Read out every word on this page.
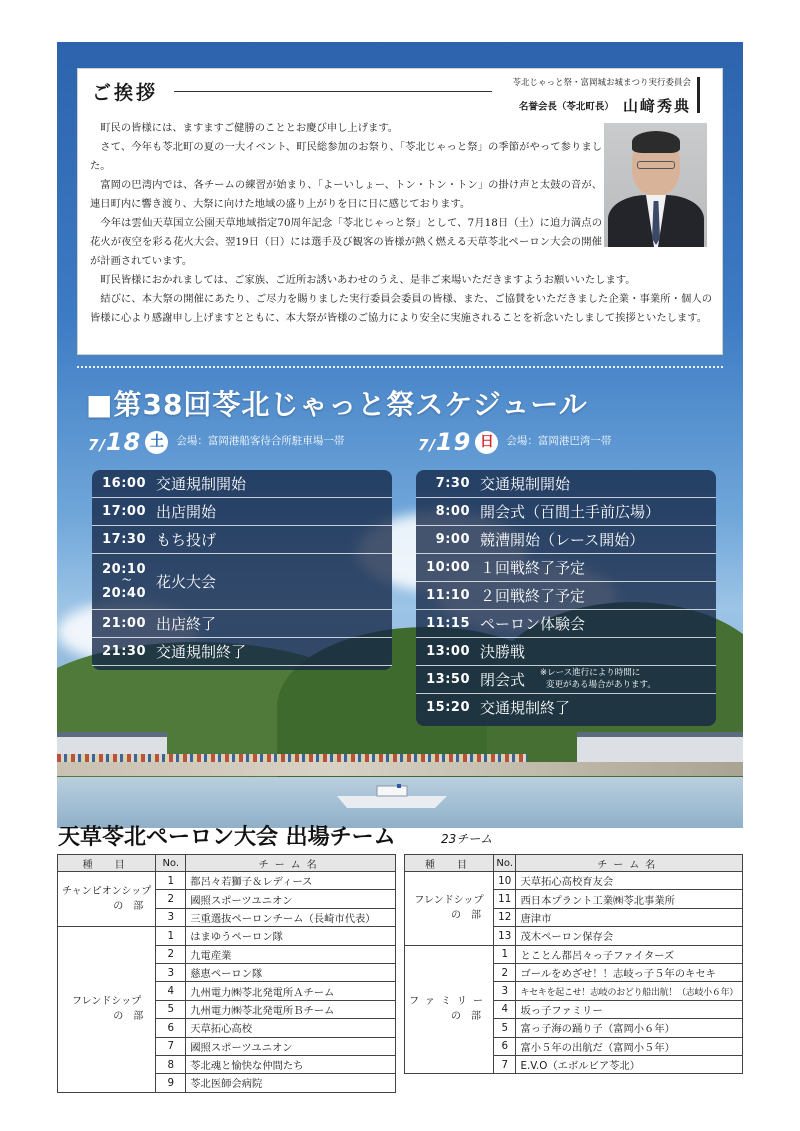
ご挨拶	苓北じゃっと祭・富岡城お城まつり実行委員会
名誉会長（苓北町長） 山﨑秀典

町民の皆様には、ますますご健勝のこととお慶び申し上げます。

さて、今年も苓北町の夏の一大イベント、町民総参加のお祭り、「苓北じゃっと祭」の季節がやって参りました。

富岡の巴湾内では、各チームの練習が始まり、「よーいしょー、トン・トン・トン」の掛け声と太鼓の音が、連日町内に響き渡り、大祭に向けた地域の盛り上がりを日に日に感じております。

今年は雲仙天草国立公園天草地域指定70周年記念「苓北じゃっと祭」として、7月18日（土）に迫力満点の花火が夜空を彩る花火大会、翌19日（日）には選手及び観客の皆様が熱く燃える天草苓北ペーロン大会の開催が計画されています。

町民皆様におかれましては、ご家族、ご近所お誘いあわせのうえ、是非ご来場いただきますようお願いいたします。

結びに、本大祭の開催にあたり、ご尽力を賜りました実行委員会委員の皆様、また、ご協賛をいただきました企業・事業所・個人の皆様に心より感謝申し上げますとともに、本大祭が皆様のご協力により安全に実施されることを祈念いたしまして挨拶といたします。

■第38回苓北じゃっと祭スケジュール
7/18 土 $^{会場:富岡港船客待合所駐車場一帯}$	7/19 日 $^{会場:富岡港巴湾一帯}$
16:00 交通規制開始
17:00 出店開始
17:30 もち投げ
20:10
〜
20:40
花火大会
21:00 出店終了
21:30 交通規制終了
7:30 交通規制開始
8:00 開会式（百間土手前広場）
9:00 競漕開始（レース開始）
10:00 １回戦終了予定
11:10 ２回戦終了予定
11:15 ペーロン体験会
13:00 決勝戦
13:50 閉会式 ※レース進行により時間に
変更がある場合があります。
15:20 交通規制終了
天草苓北ペーロン大会 出場チーム	23チーム
種　目	No.	チーム名
チャンピオンシップ

の　部	1	都呂々若獅子＆レディース
	2	國照スポーツユニオン
	3	三重選抜ペーロンチーム（長崎市代表）
フレンドシップ

の　部	1	はまゆうペーロン隊
	2	九電産業
	3	慈恵ペーロン隊
	4	九州電力㈱苓北発電所Ａチーム
	5	九州電力㈱苓北発電所Ｂチーム
	6	天草拓心高校
	7	國照スポーツユニオン
	8	苓北魂と愉快な仲間たち
	9	苓北医師会病院
種　目	No.	チーム名
フレンドシップ

の　部	10	天草拓心高校育友会
	11	西日本プラント工業㈱苓北事業所
	12	唐津市
	13	茂木ペーロン保存会
ファミリー

の　部	1	とことん都呂々っ子ファイターズ
	2	ゴールをめざせ！！志岐っ子５年のキセキ
	3	キセキを起こせ！志岐のおどり船出航！（志岐小６年）
	4	坂っ子ファミリー
	5	富っ子海の踊り子（富岡小６年）
	6	富小５年の出航だ（富岡小５年）
	7	E.V.O（エボルビア苓北）
